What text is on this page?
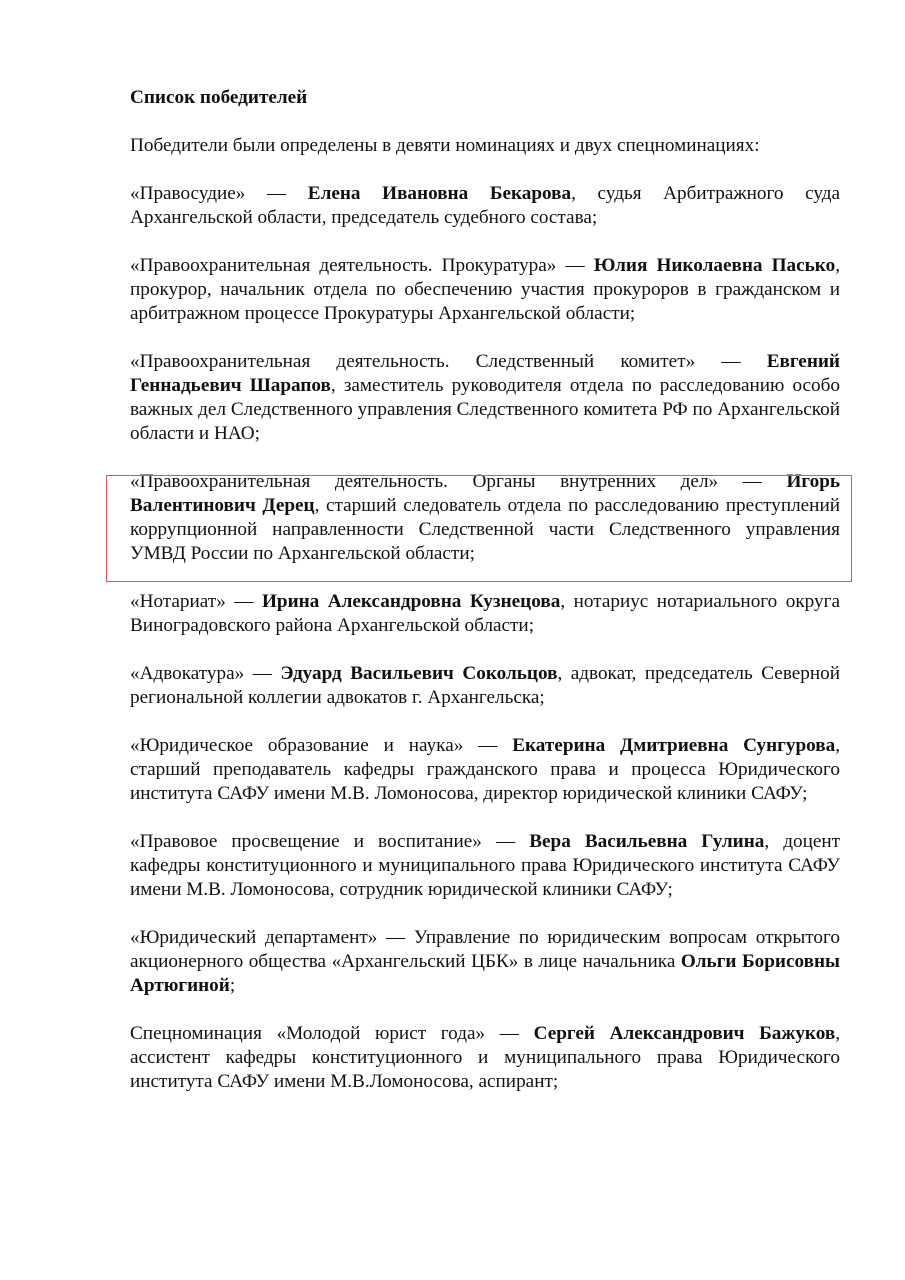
Список победителей

Победители были определены в девяти номинациях и двух спецноминациях:

«Правосудие» — Елена Ивановна Бекарова, судья Арбитражного суда Архангельской области, председатель судебного состава;

«Правоохранительная деятельность. Прокуратура» — Юлия Николаевна Пасько, прокурор, начальник отдела по обеспечению участия прокуроров в гражданском и арбитражном процессе Прокуратуры Архангельской области;

«Правоохранительная деятельность. Следственный комитет» — Евгений Геннадьевич Шарапов, заместитель руководителя отдела по расследованию особо важных дел Следственного управления Следственного комитета РФ по Архангельской области и НАО;

«Правоохранительная деятельность. Органы внутренних дел» — Игорь Валентинович Дерец, старший следователь отдела по расследованию преступлений коррупционной направленности Следственной части Следственного управления УМВД России по Архангельской области;

«Нотариат» — Ирина Александровна Кузнецова, нотариус нотариального округа Виноградовского района Архангельской области;

«Адвокатура» — Эдуард Васильевич Сокольцов, адвокат, председатель Северной региональной коллегии адвокатов г. Архангельска;

«Юридическое образование и наука» — Екатерина Дмитриевна Сунгурова, старший преподаватель кафедры гражданского права и процесса Юридического института САФУ имени М.В. Ломоносова, директор юридической клиники САФУ;

«Правовое просвещение и воспитание» — Вера Васильевна Гулина, доцент кафедры конституционного и муниципального права Юридического института САФУ имени М.В. Ломоносова, сотрудник юридической клиники САФУ;

«Юридический департамент» — Управление по юридическим вопросам открытого акционерного общества «Архангельский ЦБК» в лице начальника Ольги Борисовны Артюгиной;

Спецноминация «Молодой юрист года» — Сергей Александрович Бажуков, ассистент кафедры конституционного и муниципального права Юридического института САФУ имени М.В.Ломоносова, аспирант;
